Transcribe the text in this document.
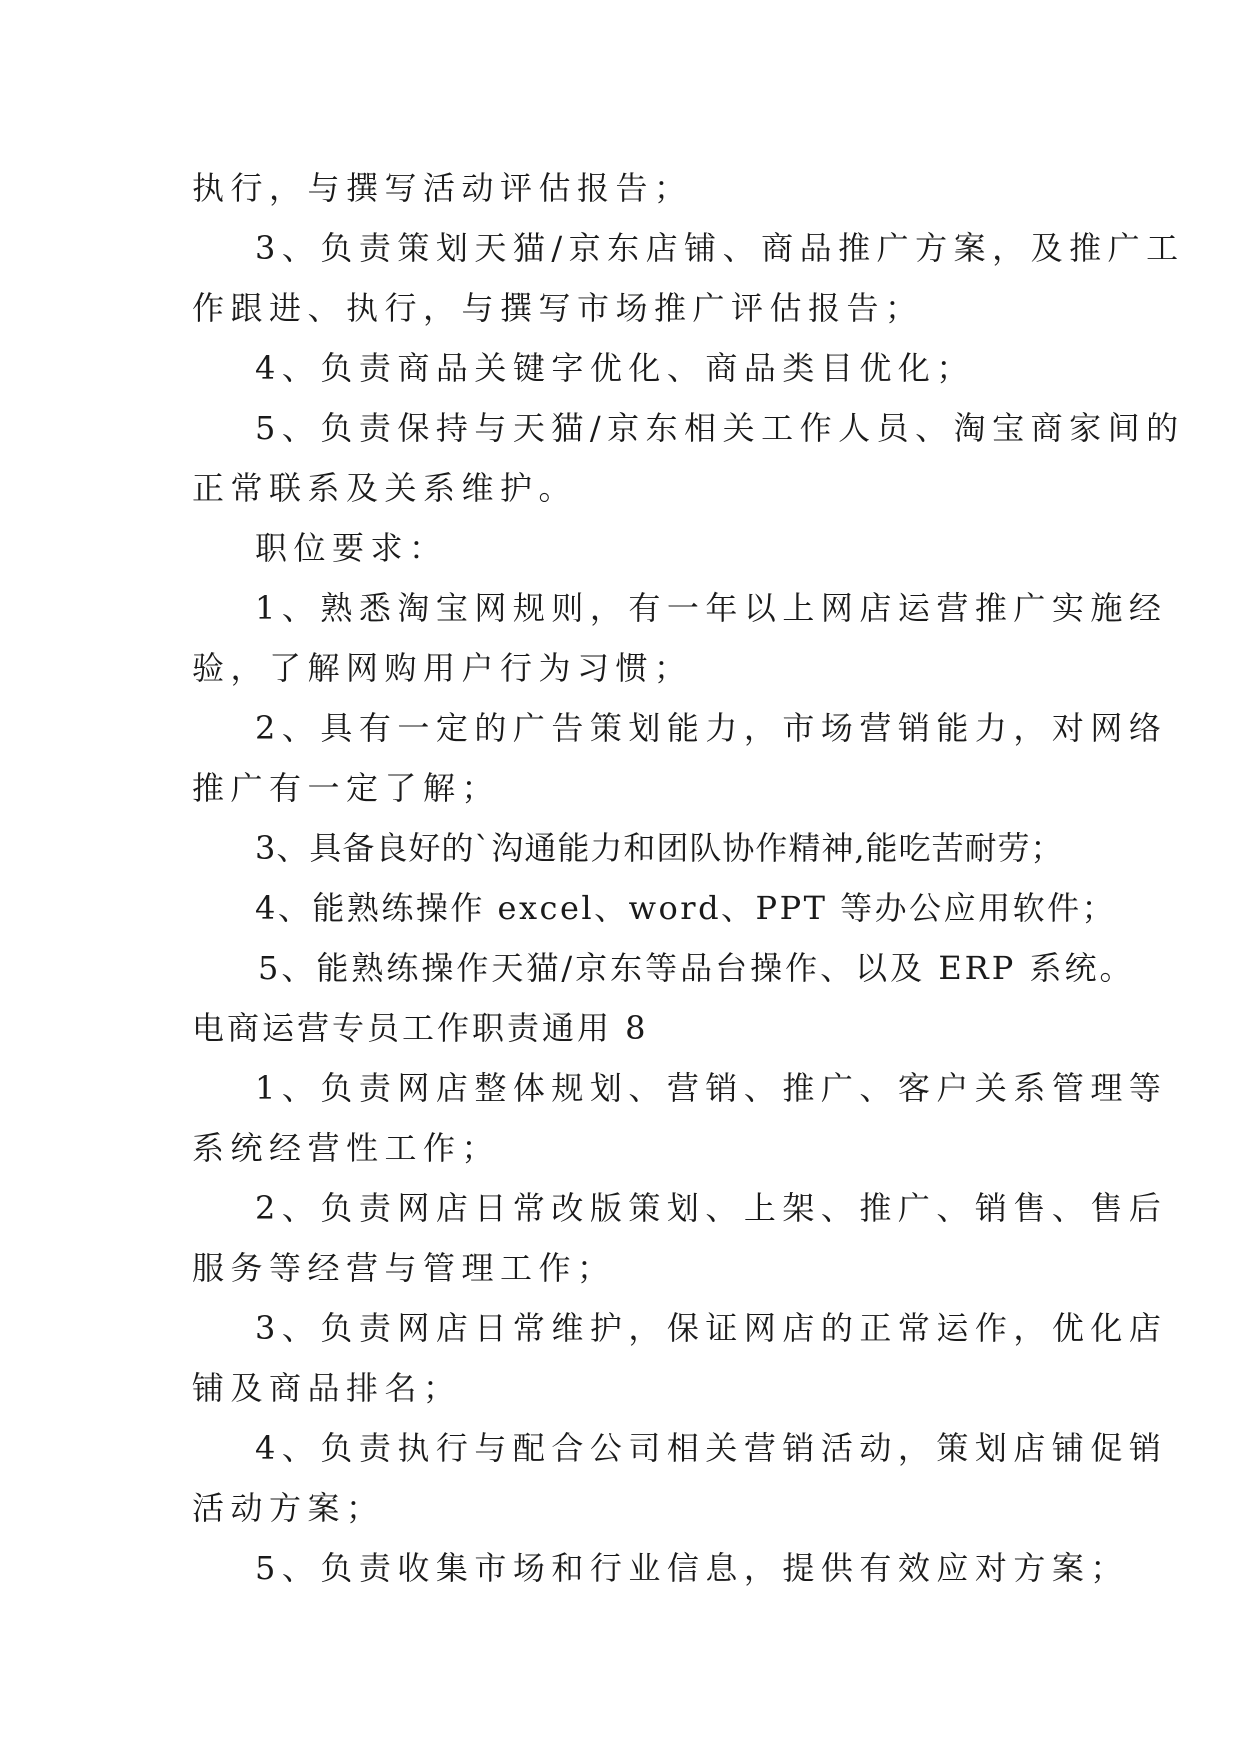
执行，与撰写活动评估报告；
3、负责策划天猫/京东店铺、商品推广方案，及推广工
作跟进、执行，与撰写市场推广评估报告；
4、负责商品关键字优化、商品类目优化；
5、负责保持与天猫/京东相关工作人员、淘宝商家间的
正常联系及关系维护。
职位要求：
1、熟悉淘宝网规则，有一年以上网店运营推广实施经
验，了解网购用户行为习惯；
2、具有一定的广告策划能力，市场营销能力，对网络
推广有一定了解；
3、具备良好的`沟通能力和团队协作精神,能吃苦耐劳；
4、能熟练操作 excel、word、PPT 等办公应用软件；
5、能熟练操作天猫/京东等品台操作、以及 ERP 系统。
电商运营专员工作职责通用 8
1、负责网店整体规划、营销、推广、客户关系管理等
系统经营性工作；
2、负责网店日常改版策划、上架、推广、销售、售后
服务等经营与管理工作；
3、负责网店日常维护，保证网店的正常运作，优化店
铺及商品排名；
4、负责执行与配合公司相关营销活动，策划店铺促销
活动方案；
5、负责收集市场和行业信息，提供有效应对方案；
